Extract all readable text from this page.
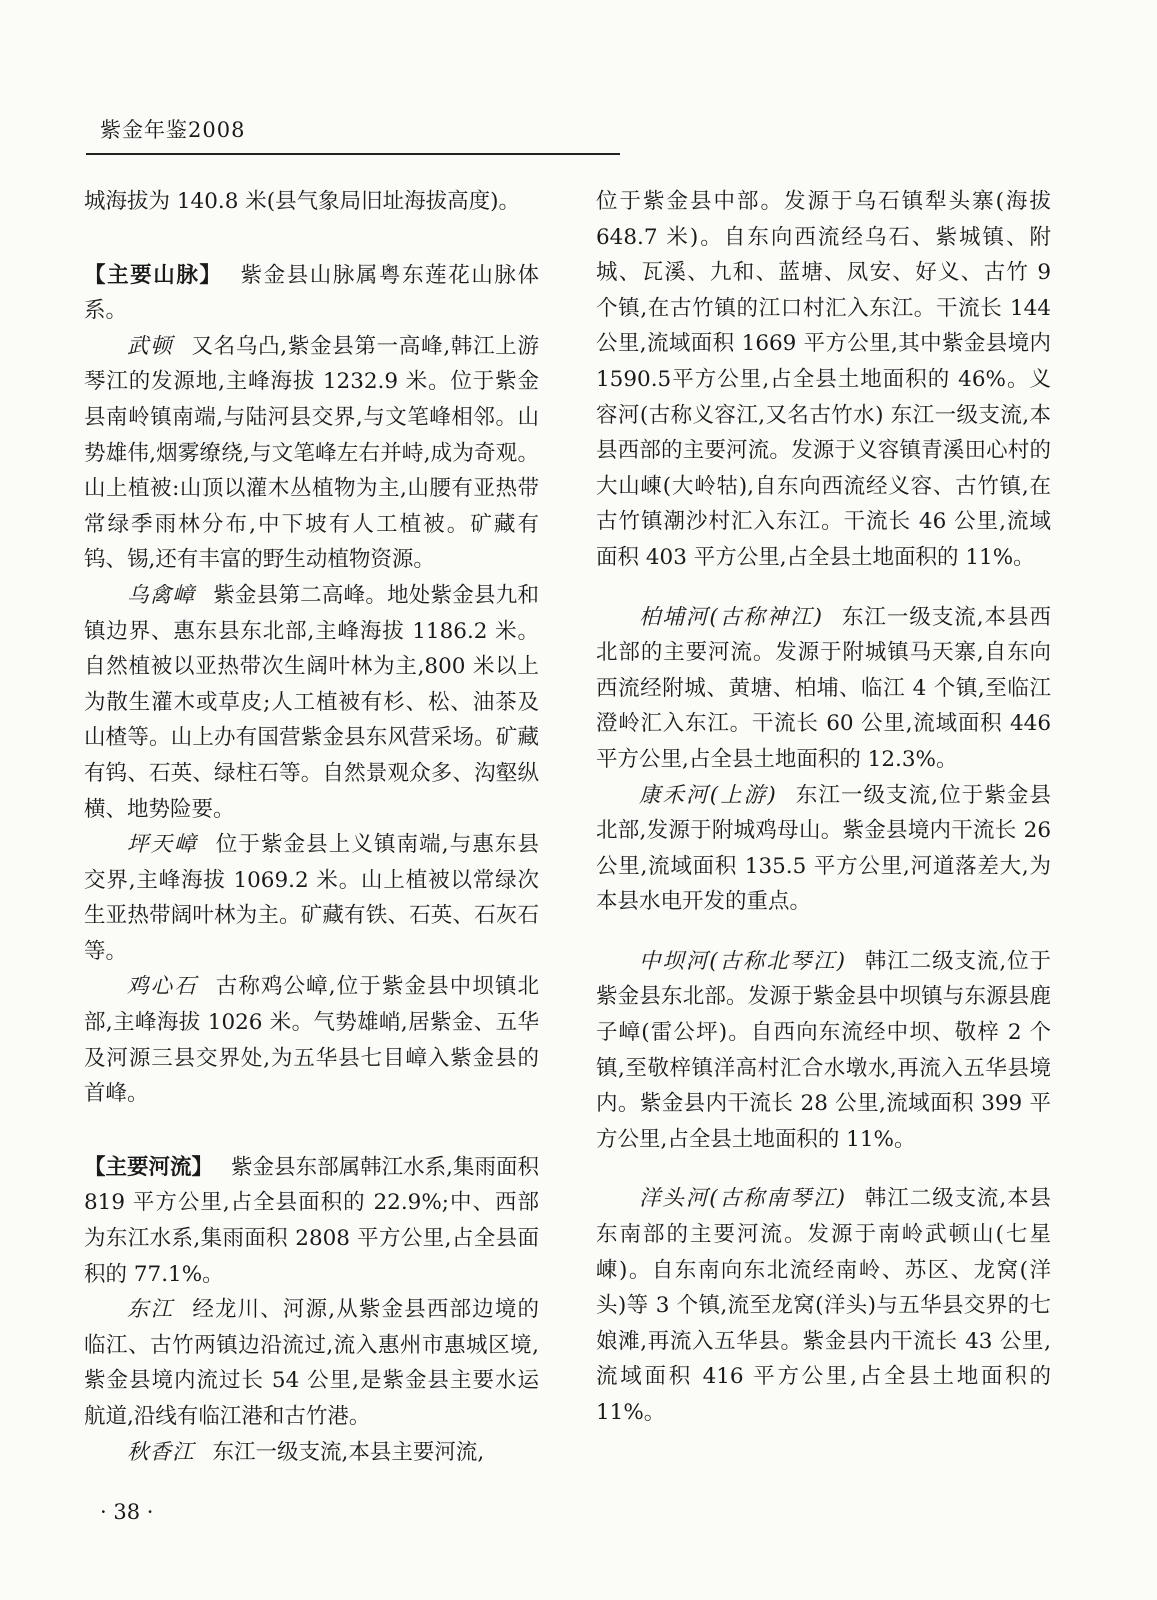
紫金年鉴2008

城海拔为 140.8 米(县气象局旧址海拔高度)。

【主要山脉】 紫金县山脉属粤东莲花山脉体系。

武顿 又名乌凸,紫金县第一高峰,韩江上游琴江的发源地,主峰海拔 1232.9 米。位于紫金县南岭镇南端,与陆河县交界,与文笔峰相邻。山势雄伟,烟雾缭绕,与文笔峰左右并峙,成为奇观。山上植被:山顶以灌木丛植物为主,山腰有亚热带常绿季雨林分布,中下坡有人工植被。矿藏有钨、锡,还有丰富的野生动植物资源。

乌禽嶂 紫金县第二高峰。地处紫金县九和镇边界、惠东县东北部,主峰海拔 1186.2 米。自然植被以亚热带次生阔叶林为主,800 米以上为散生灌木或草皮;人工植被有杉、松、油茶及山楂等。山上办有国营紫金县东风营采场。矿藏有钨、石英、绿柱石等。自然景观众多、沟壑纵横、地势险要。

坪天嶂 位于紫金县上义镇南端,与惠东县交界,主峰海拔 1069.2 米。山上植被以常绿次生亚热带阔叶林为主。矿藏有铁、石英、石灰石等。

鸡心石 古称鸡公嶂,位于紫金县中坝镇北部,主峰海拔 1026 米。气势雄峭,居紫金、五华及河源三县交界处,为五华县七目嶂入紫金县的首峰。

【主要河流】 紫金县东部属韩江水系,集雨面积 819 平方公里,占全县面积的 22.9%;中、西部为东江水系,集雨面积 2808 平方公里,占全县面积的 77.1%。

东江 经龙川、河源,从紫金县西部边境的临江、古竹两镇边沿流过,流入惠州市惠城区境,紫金县境内流过长 54 公里,是紫金县主要水运航道,沿线有临江港和古竹港。

秋香江 东江一级支流,本县主要河流,

位于紫金县中部。发源于乌石镇犁头寨(海拔 648.7 米)。自东向西流经乌石、紫城镇、附城、瓦溪、九和、蓝塘、凤安、好义、古竹 9 个镇,在古竹镇的江口村汇入东江。干流长 144 公里,流域面积 1669 平方公里,其中紫金县境内 1590.5平方公里,占全县土地面积的 46%。义容河(古称义容江,又名古竹水) 东江一级支流,本县西部的主要河流。发源于义容镇青溪田心村的大山崠(大岭牯),自东向西流经义容、古竹镇,在古竹镇潮沙村汇入东江。干流长 46 公里,流域面积 403 平方公里,占全县土地面积的 11%。

柏埔河(古称神江) 东江一级支流,本县西北部的主要河流。发源于附城镇马天寨,自东向西流经附城、黄塘、柏埔、临江 4 个镇,至临江澄岭汇入东江。干流长 60 公里,流域面积 446 平方公里,占全县土地面积的 12.3%。

康禾河(上游) 东江一级支流,位于紫金县北部,发源于附城鸡母山。紫金县境内干流长 26 公里,流域面积 135.5 平方公里,河道落差大,为本县水电开发的重点。

中坝河(古称北琴江) 韩江二级支流,位于紫金县东北部。发源于紫金县中坝镇与东源县鹿子嶂(雷公坪)。自西向东流经中坝、敬梓 2 个镇,至敬梓镇洋高村汇合水墩水,再流入五华县境内。紫金县内干流长 28 公里,流域面积 399 平方公里,占全县土地面积的 11%。

洋头河(古称南琴江) 韩江二级支流,本县东南部的主要河流。发源于南岭武顿山(七星崠)。自东南向东北流经南岭、苏区、龙窝(洋头)等 3 个镇,流至龙窝(洋头)与五华县交界的七娘滩,再流入五华县。紫金县内干流长 43 公里,流域面积 416 平方公里,占全县土地面积的 11%。

· 38 ·
